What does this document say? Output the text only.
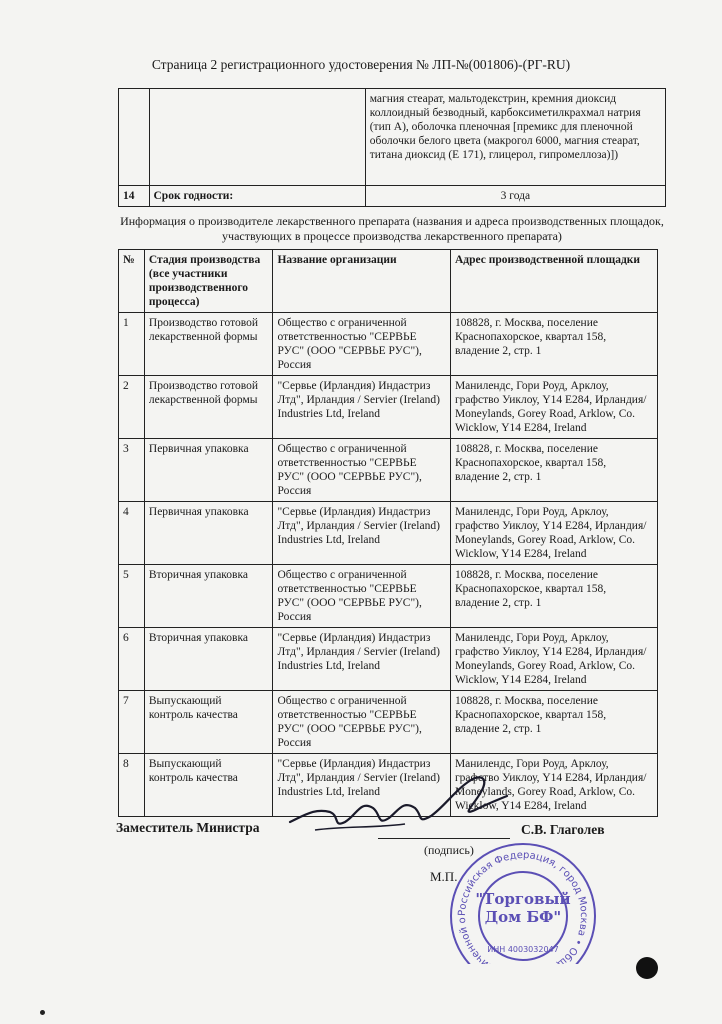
Страница 2 регистрационного удостоверения № ЛП-№(001806)-(РГ-RU)
		магния стеарат, мальтодекстрин, кремния диоксид коллоидный безводный, карбоксиметилкрахмал натрия (тип А), оболочка пленочная [премикс для пленочной оболочки белого цвета (макрогол 6000, магния стеарат, титана диоксид (Е 171), глицерол, гипромеллоза)])
14	Срок годности:	3 года
Информация о производителе лекарственного препарата (названия и адреса производственных площадок, участвующих в процессе производства лекарственного препарата)
№	Стадия производства (все участники производственного процесса)	Название организации	Адрес производственной площадки
1	Производство готовой лекарственной формы	Общество с ограниченной ответственностью "СЕРВЬЕ РУС" (ООО "СЕРВЬЕ РУС"), Россия	108828, г. Москва, поселение Краснопахорское, квартал 158, владение 2, стр. 1
2	Производство готовой лекарственной формы	"Сервье (Ирландия) Индастриз Лтд", Ирландия / Servier (Ireland) Industries Ltd, Ireland	Манилендс, Гори Роуд, Арклоу, графство Уиклоу, Y14 E284, Ирландия/ Moneylands, Gorey Road, Arklow, Co. Wicklow, Y14 E284, Ireland
3	Первичная упаковка	Общество с ограниченной ответственностью "СЕРВЬЕ РУС" (ООО "СЕРВЬЕ РУС"), Россия	108828, г. Москва, поселение Краснопахорское, квартал 158, владение 2, стр. 1
4	Первичная упаковка	"Сервье (Ирландия) Индастриз Лтд", Ирландия / Servier (Ireland) Industries Ltd, Ireland	Манилендс, Гори Роуд, Арклоу, графство Уиклоу, Y14 E284, Ирландия/ Moneylands, Gorey Road, Arklow, Co. Wicklow, Y14 E284, Ireland
5	Вторичная упаковка	Общество с ограниченной ответственностью "СЕРВЬЕ РУС" (ООО "СЕРВЬЕ РУС"), Россия	108828, г. Москва, поселение Краснопахорское, квартал 158, владение 2, стр. 1
6	Вторичная упаковка	"Сервье (Ирландия) Индастриз Лтд", Ирландия / Servier (Ireland) Industries Ltd, Ireland	Манилендс, Гори Роуд, Арклоу, графство Уиклоу, Y14 E284, Ирландия/ Moneylands, Gorey Road, Arklow, Co. Wicklow, Y14 E284, Ireland
7	Выпускающий контроль качества	Общество с ограниченной ответственностью "СЕРВЬЕ РУС" (ООО "СЕРВЬЕ РУС"), Россия	108828, г. Москва, поселение Краснопахорское, квартал 158, владение 2, стр. 1
8	Выпускающий контроль качества	"Сервье (Ирландия) Индастриз Лтд", Ирландия / Servier (Ireland) Industries Ltd, Ireland	Манилендс, Гори Роуд, Арклоу, графство Уиклоу, Y14 E284, Ирландия/ Moneylands, Gorey Road, Arklow, Co. Wicklow, Y14 E284, Ireland
Заместитель Министра	С.В. Глаголев
(подпись)
М.П.
Российская Федерация, город Москва • Общ иченной о
"Торговый
Дом БФ"
ИНН 4003032047
